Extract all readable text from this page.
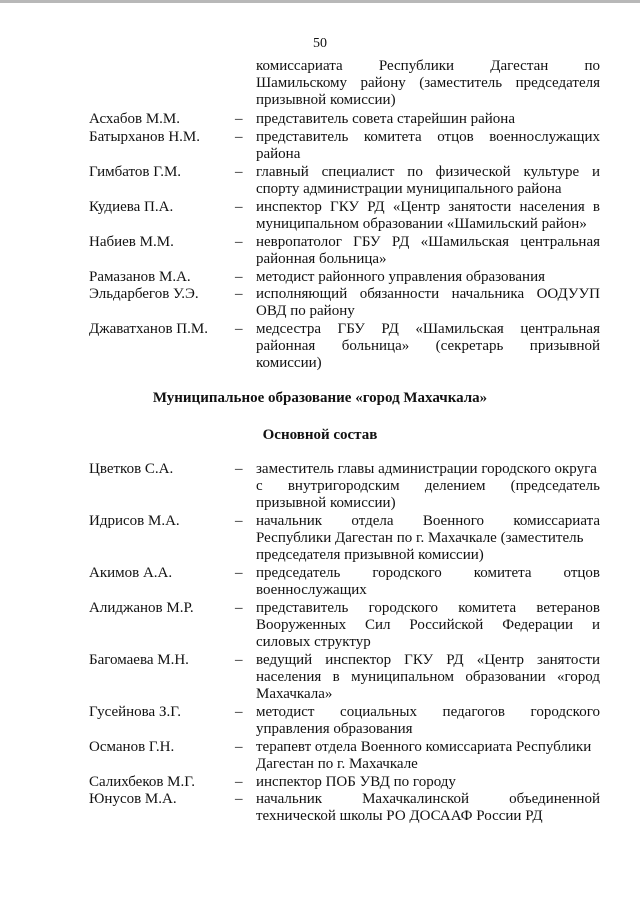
50
комиссариата Республики Дагестан по
Шамильскому району (заместитель председателя
призывной комиссии)
Асхабов М.М.	– представитель совета старейшин района
Батырханов Н.М. – представитель комитета отцов военнослужащих
района
Гимбатов Г.М.	– главный специалист по физической культуре и
спорту администрации муниципального района
Кудиева П.А.	– инспектор ГКУ РД «Центр занятости населения в
муниципальном образовании «Шамильский район»
Набиев М.М.	– невропатолог ГБУ РД «Шамильская центральная
районная больница»
Рамазанов М.А.	– методист районного управления образования
Эльдарбегов У.Э. – исполняющий обязанности начальника ООДУУП
ОВД по району
Джаватханов П.М. – медсестра ГБУ РД «Шамильская центральная
районная больница» (секретарь призывной
комиссии)
Муниципальное образование «город Махачкала»
Основной состав
Цветков С.А.	– заместитель главы администрации городского округа
с внутригородским делением (председатель
призывной комиссии)
Идрисов М.А.	– начальник отдела Военного комиссариата
Республики Дагестан по г. Махачкале (заместитель
председателя призывной комиссии)
Акимов А.А.	– председатель городского комитета отцов
военнослужащих
Алиджанов М.Р.	– представитель городского комитета ветеранов
Вооруженных Сил Российской Федерации и
силовых структур
Багомаева М.Н.	– ведущий инспектор ГКУ РД «Центр занятости
населения в муниципальном образовании «город
Махачкала»
Гусейнова З.Г.	– методист социальных педагогов городского
управления образования
Османов Г.Н.	– терапевт отдела Военного комиссариата Республики
Дагестан по г. Махачкале
Салихбеков М.Г.	– инспектор ПОБ УВД по городу
Юнусов М.А.	– начальник Махачкалинской объединенной
технической школы РО ДОСААФ России РД
